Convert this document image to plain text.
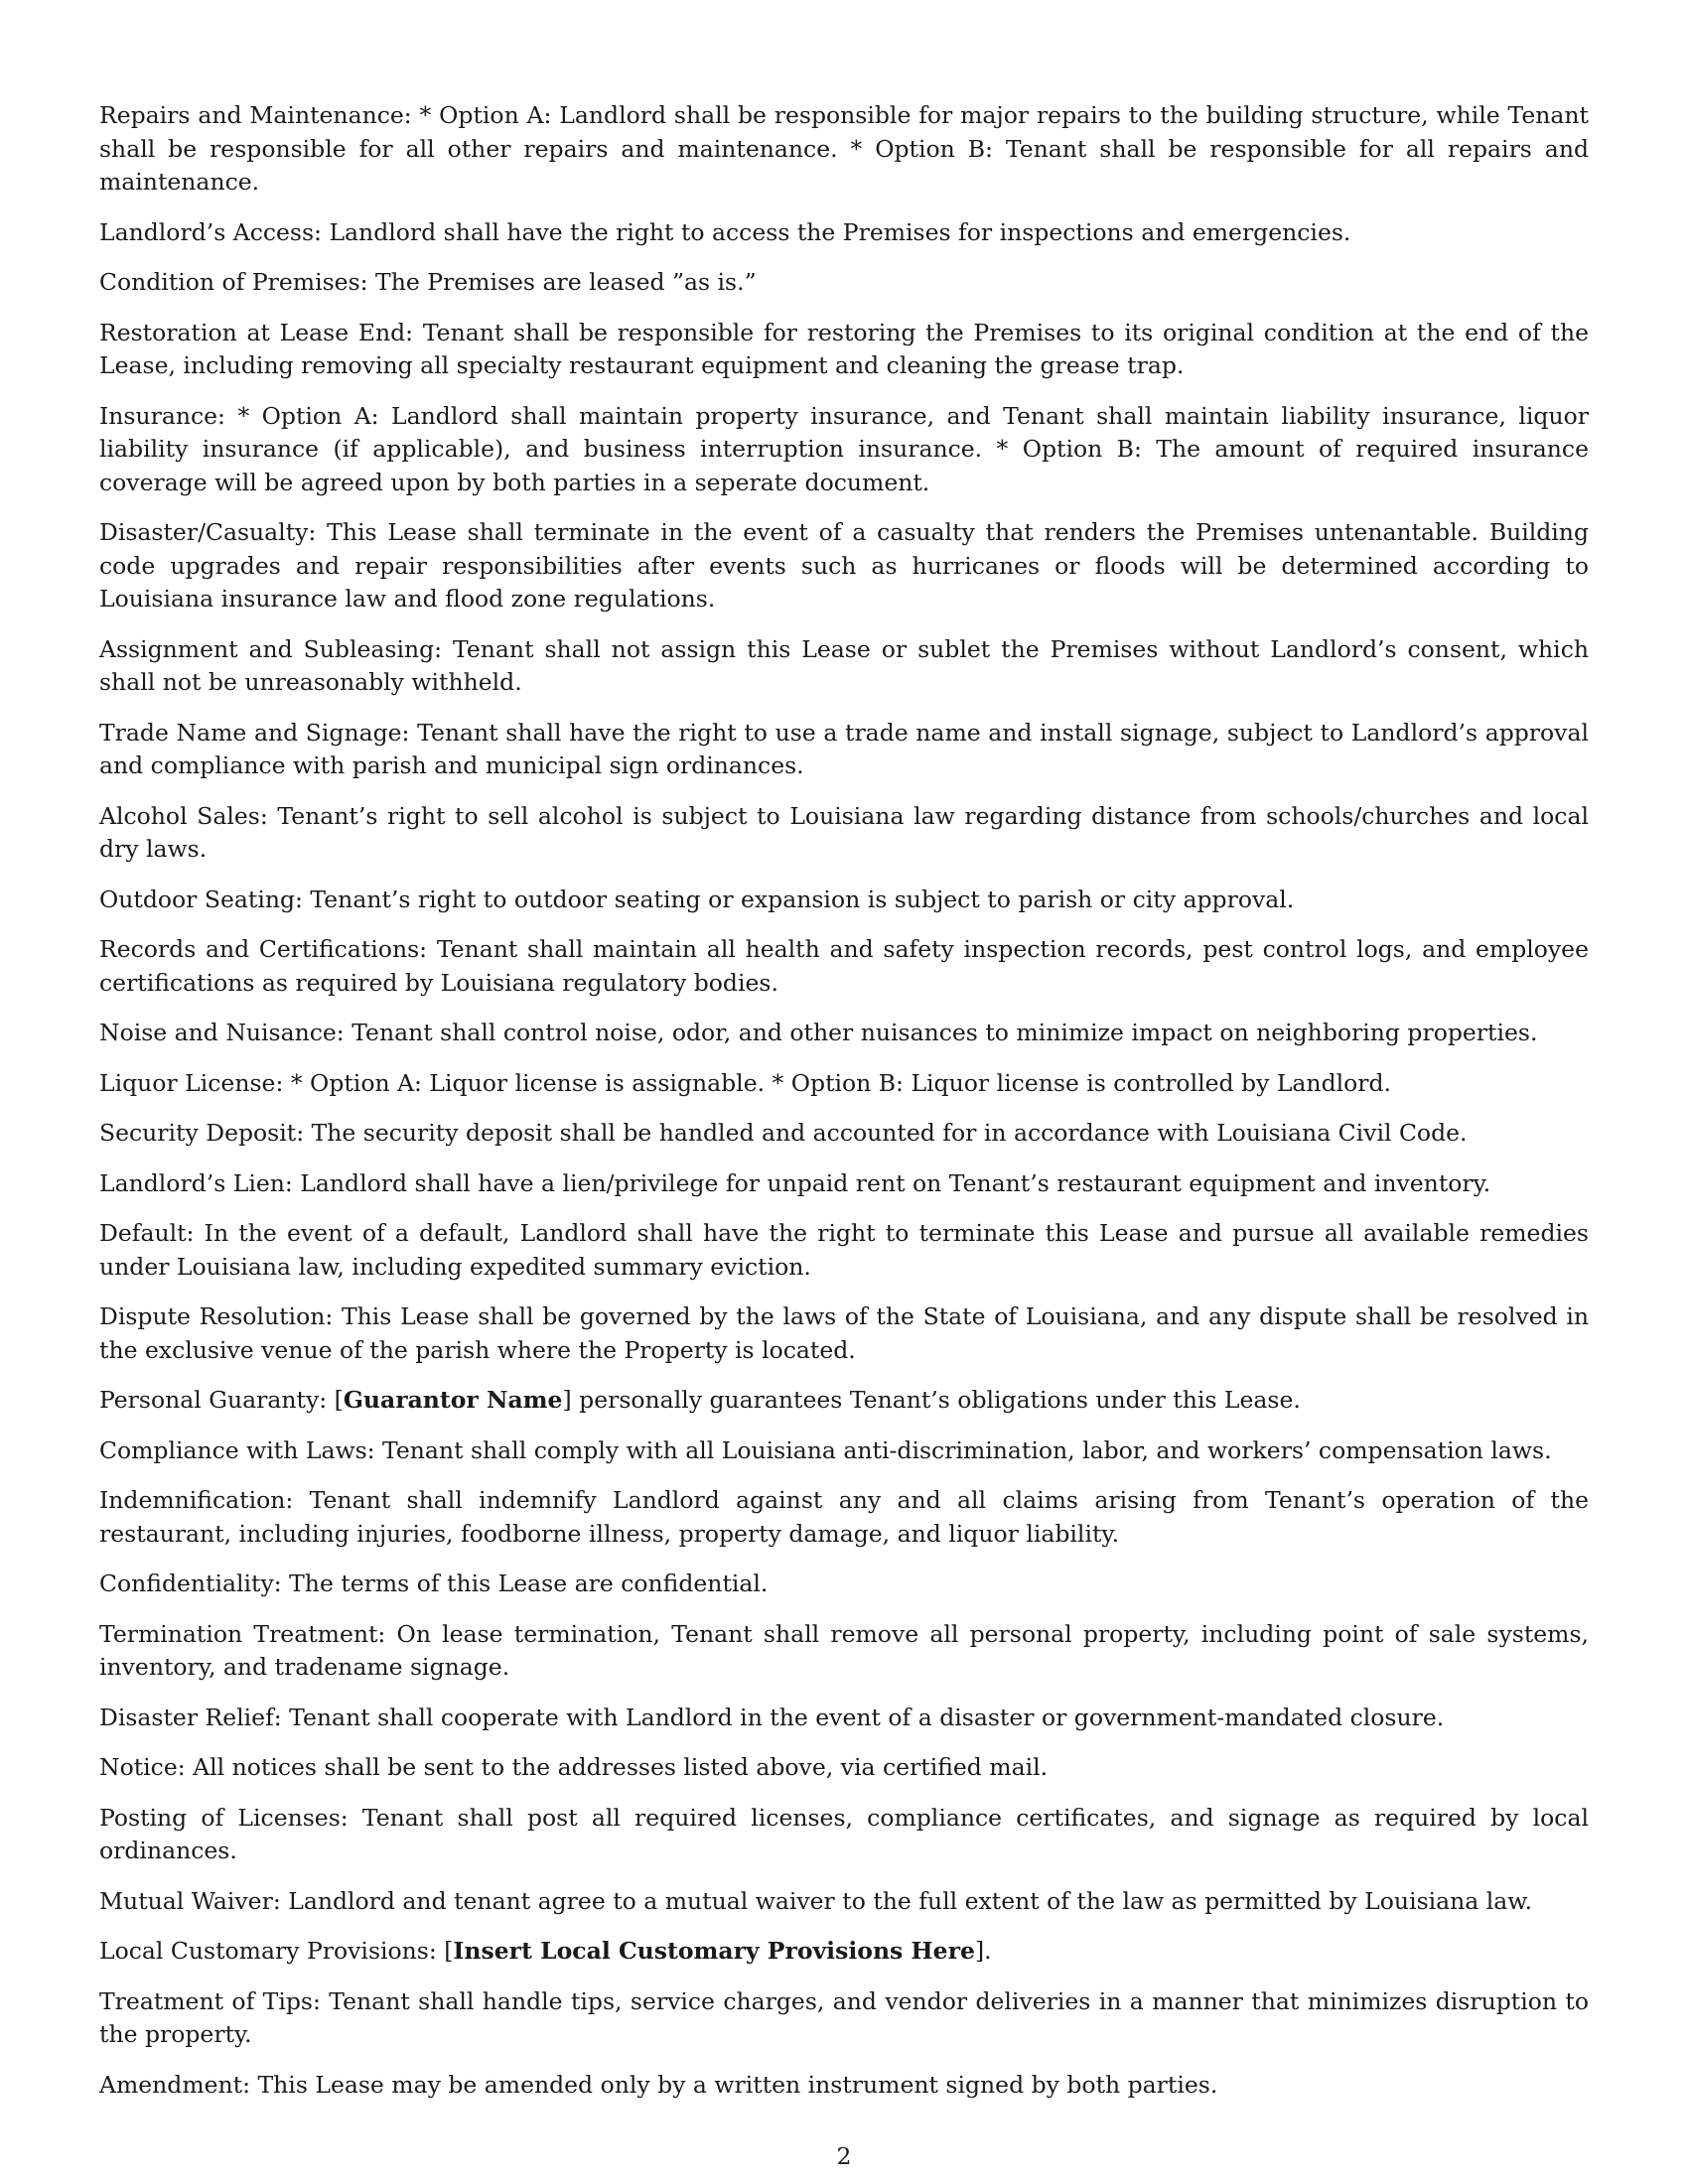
Repairs and Maintenance: * Option A: Landlord shall be responsible for major repairs to the building structure, while Tenant shall be responsible for all other repairs and maintenance. * Option B: Tenant shall be responsible for all repairs and maintenance.

Landlord’s Access: Landlord shall have the right to access the Premises for inspections and emergencies.

Condition of Premises: The Premises are leased ”as is.”

Restoration at Lease End: Tenant shall be responsible for restoring the Premises to its original condition at the end of the Lease, including removing all specialty restaurant equipment and cleaning the grease trap.

Insurance: * Option A: Landlord shall maintain property insurance, and Tenant shall maintain liability insurance, liquor liability insurance (if applicable), and business interruption insurance. * Option B: The amount of required insurance coverage will be agreed upon by both parties in a seperate document.

Disaster/Casualty: This Lease shall terminate in the event of a casualty that renders the Premises untenantable. Building code upgrades and repair responsibilities after events such as hurricanes or floods will be determined according to Louisiana insurance law and flood zone regulations.

Assignment and Subleasing: Tenant shall not assign this Lease or sublet the Premises without Landlord’s consent, which shall not be unreasonably withheld.

Trade Name and Signage: Tenant shall have the right to use a trade name and install signage, subject to Landlord’s approval and compliance with parish and municipal sign ordinances.

Alcohol Sales: Tenant’s right to sell alcohol is subject to Louisiana law regarding distance from schools/churches and local dry laws.

Outdoor Seating: Tenant’s right to outdoor seating or expansion is subject to parish or city approval.

Records and Certifications: Tenant shall maintain all health and safety inspection records, pest control logs, and employee certifications as required by Louisiana regulatory bodies.

Noise and Nuisance: Tenant shall control noise, odor, and other nuisances to minimize impact on neighboring properties.

Liquor License: * Option A: Liquor license is assignable. * Option B: Liquor license is controlled by Landlord.

Security Deposit: The security deposit shall be handled and accounted for in accordance with Louisiana Civil Code.

Landlord’s Lien: Landlord shall have a lien/privilege for unpaid rent on Tenant’s restaurant equipment and inventory.

Default: In the event of a default, Landlord shall have the right to terminate this Lease and pursue all available remedies under Louisiana law, including expedited summary eviction.

Dispute Resolution: This Lease shall be governed by the laws of the State of Louisiana, and any dispute shall be resolved in the exclusive venue of the parish where the Property is located.

Personal Guaranty: [Guarantor Name] personally guarantees Tenant’s obligations under this Lease.

Compliance with Laws: Tenant shall comply with all Louisiana anti-discrimination, labor, and workers’ compensation laws.

Indemnification: Tenant shall indemnify Landlord against any and all claims arising from Tenant’s operation of the restaurant, including injuries, foodborne illness, property damage, and liquor liability.

Confidentiality: The terms of this Lease are confidential.

Termination Treatment: On lease termination, Tenant shall remove all personal property, including point of sale systems, inventory, and tradename signage.

Disaster Relief: Tenant shall cooperate with Landlord in the event of a disaster or government-mandated closure.

Notice: All notices shall be sent to the addresses listed above, via certified mail.

Posting of Licenses: Tenant shall post all required licenses, compliance certificates, and signage as required by local ordinances.

Mutual Waiver: Landlord and tenant agree to a mutual waiver to the full extent of the law as permitted by Louisiana law.

Local Customary Provisions: [Insert Local Customary Provisions Here].

Treatment of Tips: Tenant shall handle tips, service charges, and vendor deliveries in a manner that minimizes disruption to the property.

Amendment: This Lease may be amended only by a written instrument signed by both parties.

2
